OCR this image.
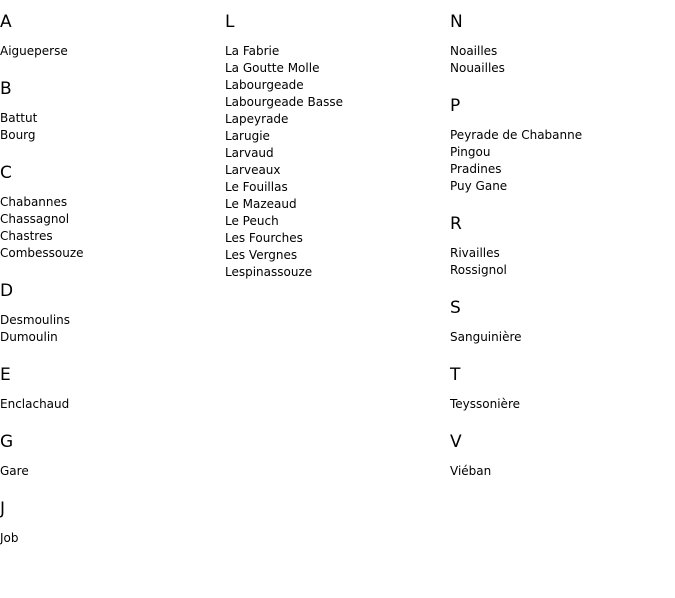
A
Aigueperse
B
Battut
Bourg
C
Chabannes
Chassagnol
Chastres
Combessouze
D
Desmoulins
Dumoulin
E
Enclachaud
G
Gare
J
Job
L
La Fabrie
La Goutte Molle
Labourgeade
Labourgeade Basse
Lapeyrade
Larugie
Larvaud
Larveaux
Le Fouillas
Le Mazeaud
Le Peuch
Les Fourches
Les Vergnes
Lespinassouze
N
Noailles
Nouailles
P
Peyrade de Chabanne
Pingou
Pradines
Puy Gane
R
Rivailles
Rossignol
S
Sanguinière
T
Teyssonière
V
Viéban
